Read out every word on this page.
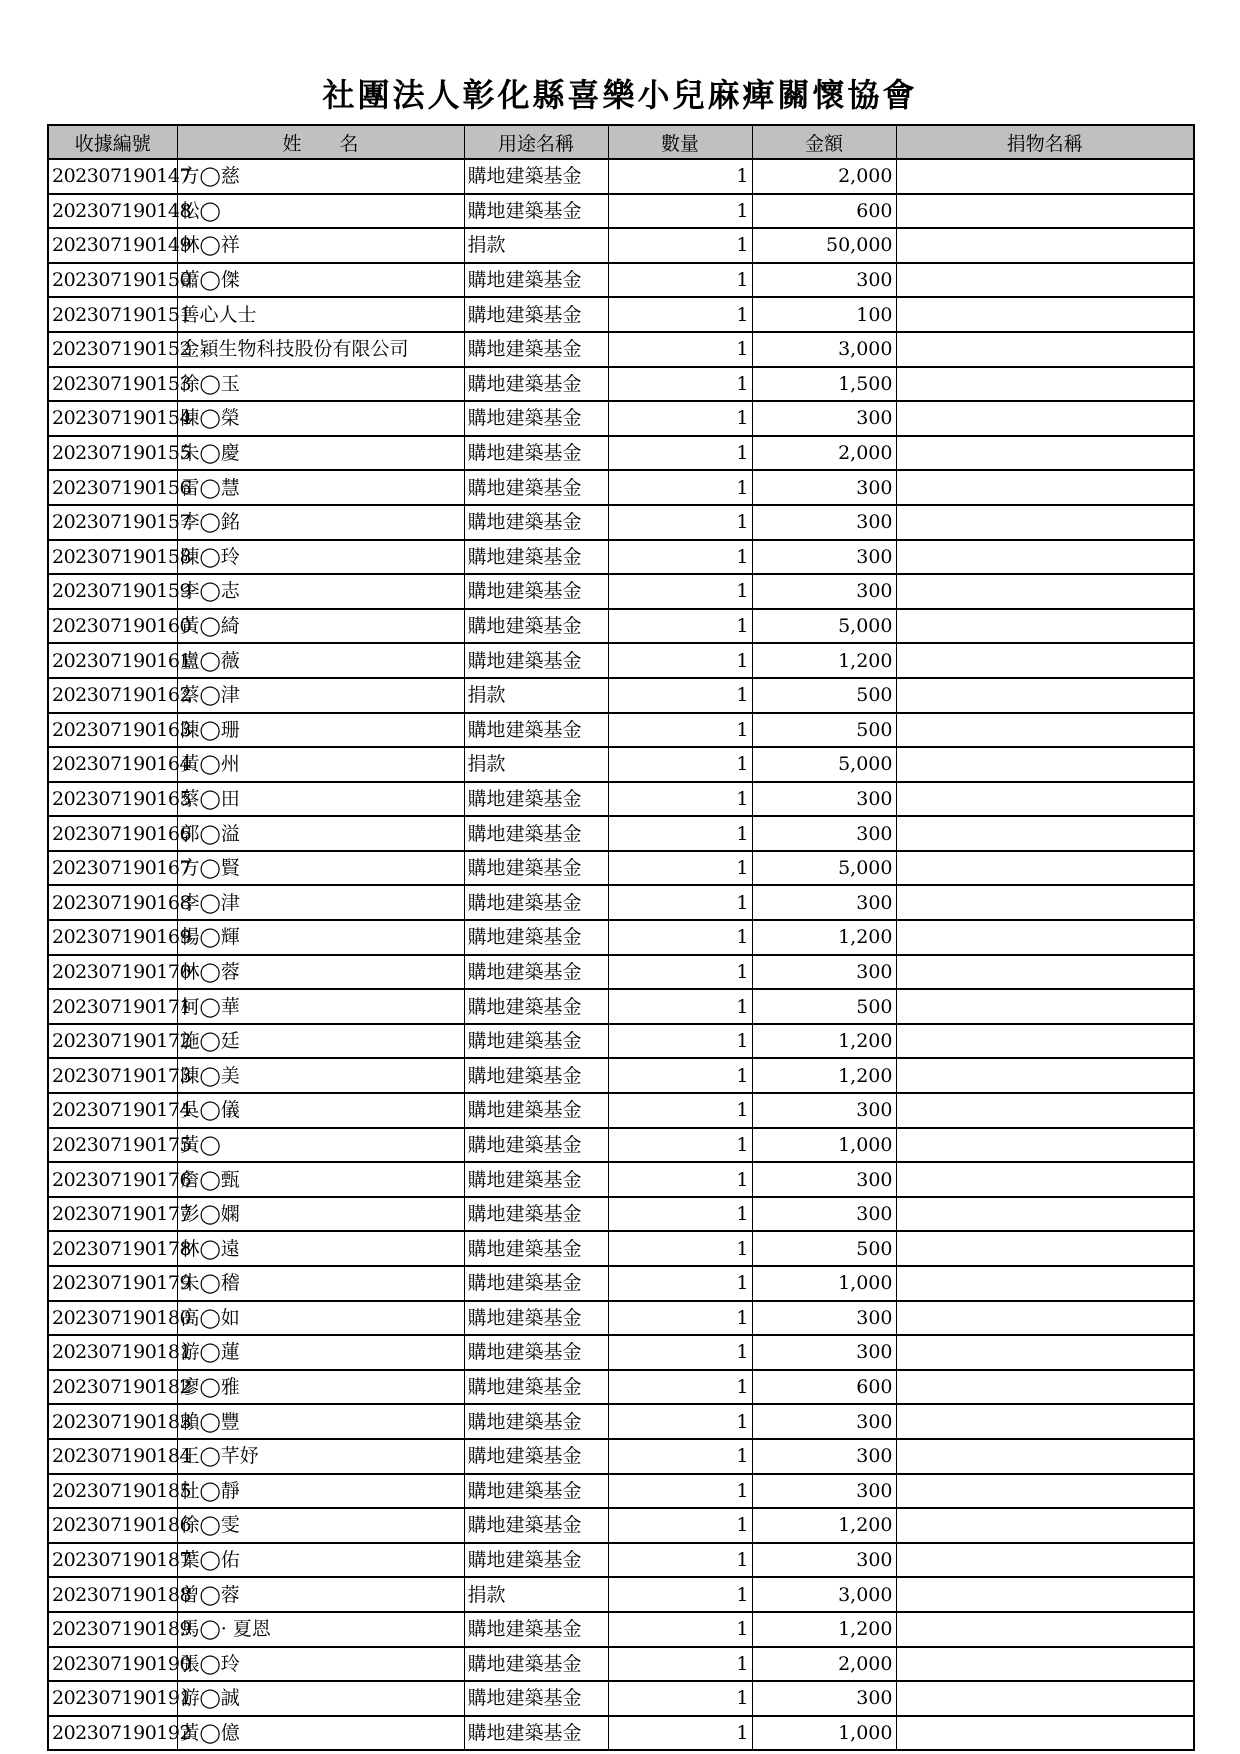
社團法人彰化縣喜樂小兒麻痺關懷協會
收據編號	姓　　名	用途名稱	數量	金額	捐物名稱
202307190147	方◯慈	購地建築基金	1	2,000	
202307190148	松◯	購地建築基金	1	600	
202307190149	林◯祥	捐款	1	50,000	
202307190150	蕭◯傑	購地建築基金	1	300	
202307190151	善心人士	購地建築基金	1	100	
202307190152	金穎生物科技股份有限公司	購地建築基金	1	3,000	
202307190153	徐◯玉	購地建築基金	1	1,500	
202307190154	陳◯榮	購地建築基金	1	300	
202307190155	朱◯慶	購地建築基金	1	2,000	
202307190156	雷◯慧	購地建築基金	1	300	
202307190157	李◯銘	購地建築基金	1	300	
202307190158	陳◯玲	購地建築基金	1	300	
202307190159	李◯志	購地建築基金	1	300	
202307190160	黃◯綺	購地建築基金	1	5,000	
202307190161	盧◯薇	購地建築基金	1	1,200	
202307190162	蔡◯津	捐款	1	500	
202307190163	陳◯珊	購地建築基金	1	500	
202307190164	黃◯州	捐款	1	5,000	
202307190165	蔡◯田	購地建築基金	1	300	
202307190166	郭◯溢	購地建築基金	1	300	
202307190167	方◯賢	購地建築基金	1	5,000	
202307190168	李◯津	購地建築基金	1	300	
202307190169	楊◯輝	購地建築基金	1	1,200	
202307190170	林◯蓉	購地建築基金	1	300	
202307190171	柯◯華	購地建築基金	1	500	
202307190172	施◯廷	購地建築基金	1	1,200	
202307190173	陳◯美	購地建築基金	1	1,200	
202307190174	吳◯儀	購地建築基金	1	300	
202307190175	黃◯	購地建築基金	1	1,000	
202307190176	詹◯甄	購地建築基金	1	300	
202307190177	彭◯嫻	購地建築基金	1	300	
202307190178	林◯遠	購地建築基金	1	500	
202307190179	朱◯稽	購地建築基金	1	1,000	
202307190180	高◯如	購地建築基金	1	300	
202307190181	游◯蓮	購地建築基金	1	300	
202307190182	廖◯雅	購地建築基金	1	600	
202307190183	賴◯豐	購地建築基金	1	300	
202307190184	王◯芊妤	購地建築基金	1	300	
202307190185	杜◯靜	購地建築基金	1	300	
202307190186	徐◯雯	購地建築基金	1	1,200	
202307190187	葉◯佑	購地建築基金	1	300	
202307190188	曾◯蓉	捐款	1	3,000	
202307190189	馬◯· 夏恩	購地建築基金	1	1,200	
202307190190	張◯玲	購地建築基金	1	2,000	
202307190191	游◯誠	購地建築基金	1	300	
202307190192	黃◯億	購地建築基金	1	1,000	
